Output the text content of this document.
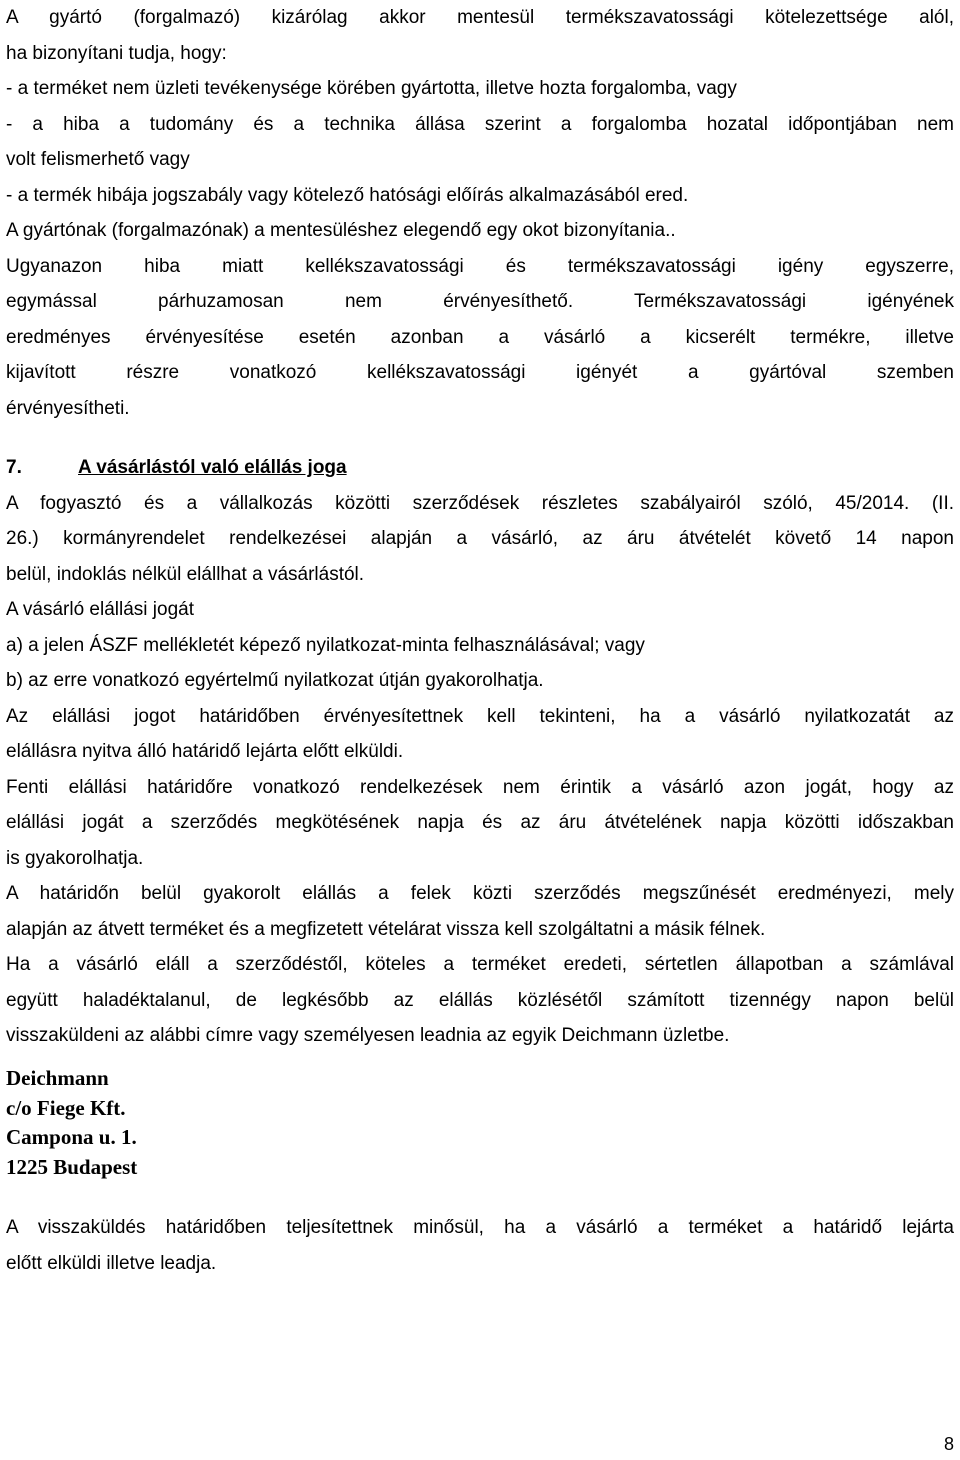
A gyártó (forgalmazó) kizárólag akkor mentesül termékszavatossági kötelezettsége alól,
ha bizonyítani tudja, hogy:
- a terméket nem üzleti tevékenysége körében gyártotta, illetve hozta forgalomba, vagy
- a hiba a tudomány és a technika állása szerint a forgalomba hozatal időpontjában nem
volt felismerhető vagy
- a termék hibája jogszabály vagy kötelező hatósági előírás alkalmazásából ered.
A gyártónak (forgalmazónak) a mentesüléshez elegendő egy okot bizonyítania..
Ugyanazon hiba miatt kellékszavatossági és termékszavatossági igény egyszerre,
egymással párhuzamosan nem érvényesíthető. Termékszavatossági igényének
eredményes érvényesítése esetén azonban a vásárló a kicserélt termékre, illetve
kijavított részre vonatkozó kellékszavatossági igényét a gyártóval szemben
érvényesítheti.
7.	A vásárlástól való elállás joga
A fogyasztó és a vállalkozás közötti szerződések részletes szabályairól szóló, 45/2014. (II.
26.) kormányrendelet rendelkezései alapján a vásárló, az áru átvételét követő 14 napon
belül, indoklás nélkül elállhat a vásárlástól.
A vásárló elállási jogát
a) a jelen ÁSZF mellékletét képező nyilatkozat-minta felhasználásával; vagy
b) az erre vonatkozó egyértelmű nyilatkozat útján gyakorolhatja.
Az elállási jogot határidőben érvényesítettnek kell tekinteni, ha a vásárló nyilatkozatát az
elállásra nyitva álló határidő lejárta előtt elküldi.
Fenti elállási határidőre vonatkozó rendelkezések nem érintik a vásárló azon jogát, hogy az
elállási jogát a szerződés megkötésének napja és az áru átvételének napja közötti időszakban
is gyakorolhatja.
A határidőn belül gyakorolt elállás a felek közti szerződés megszűnését eredményezi, mely
alapján az átvett terméket és a megfizetett vételárat vissza kell szolgáltatni a másik félnek.
Ha a vásárló eláll a szerződéstől, köteles a terméket eredeti, sértetlen állapotban a számlával
együtt haladéktalanul, de legkésőbb az elállás közlésétől számított tizennégy napon belül
visszaküldeni az alábbi címre vagy személyesen leadnia az egyik Deichmann üzletbe.
Deichmann
c/o Fiege Kft.
Campona u. 1.
1225 Budapest
A visszaküldés határidőben teljesítettnek minősül, ha a vásárló a terméket a határidő lejárta
előtt elküldi illetve leadja.
8
